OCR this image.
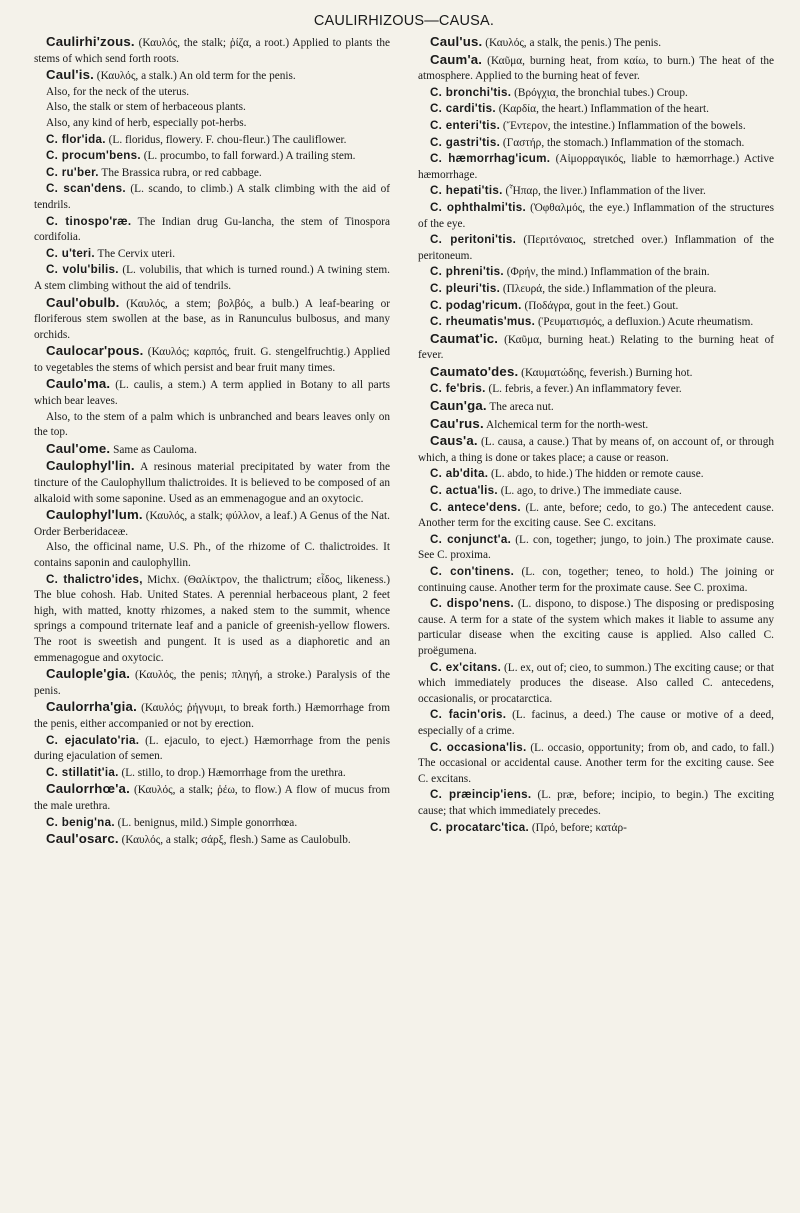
CAULIRHIZOUS—CAUSA.

Caulirhi'zous. (Καυλός, the stalk; ῥίζα, a root.) Applied to plants the stems of which send forth roots.

Caul'is. (Καυλός, a stalk.) An old term for the penis.

Also, for the neck of the uterus.

Also, the stalk or stem of herbaceous plants.

Also, any kind of herb, especially pot-herbs.

C. flor'ida. (L. floridus, flowery. F. chou-fleur.) The cauliflower.

C. procum'bens. (L. procumbo, to fall forward.) A trailing stem.

C. ru'ber. The Brassica rubra, or red cabbage.

C. scan'dens. (L. scando, to climb.) A stalk climbing with the aid of tendrils.

C. tinospo'ræ. The Indian drug Gu-lancha, the stem of Tinospora cordifolia.

C. u'teri. The Cervix uteri.

C. volu'bilis. (L. volubilis, that which is turned round.) A twining stem. A stem climbing without the aid of tendrils.

Caul'obulb. (Καυλός, a stem; βολβός, a bulb.) A leaf-bearing or floriferous stem swollen at the base, as in Ranunculus bulbosus, and many orchids.

Caulocar'pous. (Καυλός; καρπός, fruit. G. stengelfruchtig.) Applied to vegetables the stems of which persist and bear fruit many times.

Caulo'ma. (L. caulis, a stem.) A term applied in Botany to all parts which bear leaves.

Also, to the stem of a palm which is unbranched and bears leaves only on the top.

Caul'ome. Same as Cauloma.

Caulophyl'lin. A resinous material precipitated by water from the tincture of the Caulophyllum thalictroides. It is believed to be composed of an alkaloid with some saponine. Used as an emmenagogue and an oxytocic.

Caulophyl'lum. (Καυλός, a stalk; φύλλον, a leaf.) A Genus of the Nat. Order Berberidaceæ.

Also, the officinal name, U.S. Ph., of the rhizome of C. thalictroides. It contains saponin and caulophyllin.

C. thalictro'ides, Michx. (Θαλίκτρον, the thalictrum; εἶδος, likeness.) The blue cohosh. Hab. United States. A perennial herbaceous plant, 2 feet high, with matted, knotty rhizomes, a naked stem to the summit, whence springs a compound triternate leaf and a panicle of greenish-yellow flowers. The root is sweetish and pungent. It is used as a diaphoretic and an emmenagogue and oxytocic.

Caulople'gia. (Καυλός, the penis; πληγή, a stroke.) Paralysis of the penis.

Caulorrha'gia. (Καυλός; ῥήγνυμι, to break forth.) Hæmorrhage from the penis, either accompanied or not by erection.

C. ejaculato'ria. (L. ejaculo, to eject.) Hæmorrhage from the penis during ejaculation of semen.

C. stillatit'ia. (L. stillo, to drop.) Hæmorrhage from the urethra.

Caulorrhœ'a. (Καυλός, a stalk; ῥέω, to flow.) A flow of mucus from the male urethra.

C. benig'na. (L. benignus, mild.) Simple gonorrhœa.

Caul'osarc. (Καυλός, a stalk; σάρξ, flesh.) Same as Caulobulb.

Caul'us. (Καυλός, a stalk, the penis.) The penis.

Caum'a. (Καῦμα, burning heat, from καίω, to burn.) The heat of the atmosphere. Applied to the burning heat of fever.

C. bronchi'tis. (Βρόγχια, the bronchial tubes.) Croup.

C. cardi'tis. (Καρδία, the heart.) Inflammation of the heart.

C. enteri'tis. (Ἔντερον, the intestine.) Inflammation of the bowels.

C. gastri'tis. (Γαστήρ, the stomach.) Inflammation of the stomach.

C. hæmorrhag'icum. (Αἱμορραγικός, liable to hæmorrhage.) Active hæmorrhage.

C. hepati'tis. (Ἧπαρ, the liver.) Inflammation of the liver.

C. ophthalmi'tis. (Ὀφθαλμός, the eye.) Inflammation of the structures of the eye.

C. peritoni'tis. (Περιτόναιος, stretched over.) Inflammation of the peritoneum.

C. phreni'tis. (Φρήν, the mind.) Inflammation of the brain.

C. pleuri'tis. (Πλευρά, the side.) Inflammation of the pleura.

C. podag'ricum. (Ποδάγρα, gout in the feet.) Gout.

C. rheumatis'mus. (Ῥευματισμός, a defluxion.) Acute rheumatism.

Caumat'ic. (Καῦμα, burning heat.) Relating to the burning heat of fever.

Caumato'des. (Καυματώδης, feverish.) Burning hot.

C. fe'bris. (L. febris, a fever.) An inflammatory fever.

Caun'ga. The areca nut.

Cau'rus. Alchemical term for the north-west.

Caus'a. (L. causa, a cause.) That by means of, on account of, or through which, a thing is done or takes place; a cause or reason.

C. ab'dita. (L. abdo, to hide.) The hidden or remote cause.

C. actua'lis. (L. ago, to drive.) The immediate cause.

C. antece'dens. (L. ante, before; cedo, to go.) The antecedent cause. Another term for the exciting cause. See C. excitans.

C. conjunct'a. (L. con, together; jungo, to join.) The proximate cause. See C. proxima.

C. con'tinens. (L. con, together; teneo, to hold.) The joining or continuing cause. Another term for the proximate cause. See C. proxima.

C. dispo'nens. (L. dispono, to dispose.) The disposing or predisposing cause. A term for a state of the system which makes it liable to assume any particular disease when the exciting cause is applied. Also called C. proëgumena.

C. ex'citans. (L. ex, out of; cieo, to summon.) The exciting cause; or that which immediately produces the disease. Also called C. antecedens, occasionalis, or procatarctica.

C. facin'oris. (L. facinus, a deed.) The cause or motive of a deed, especially of a crime.

C. occasiona'lis. (L. occasio, opportunity; from ob, and cado, to fall.) The occasional or accidental cause. Another term for the exciting cause. See C. excitans.

C. præincip'iens. (L. præ, before; incipio, to begin.) The exciting cause; that which immediately precedes.

C. procatarc'tica. (Πρό, before; κατάρ-
